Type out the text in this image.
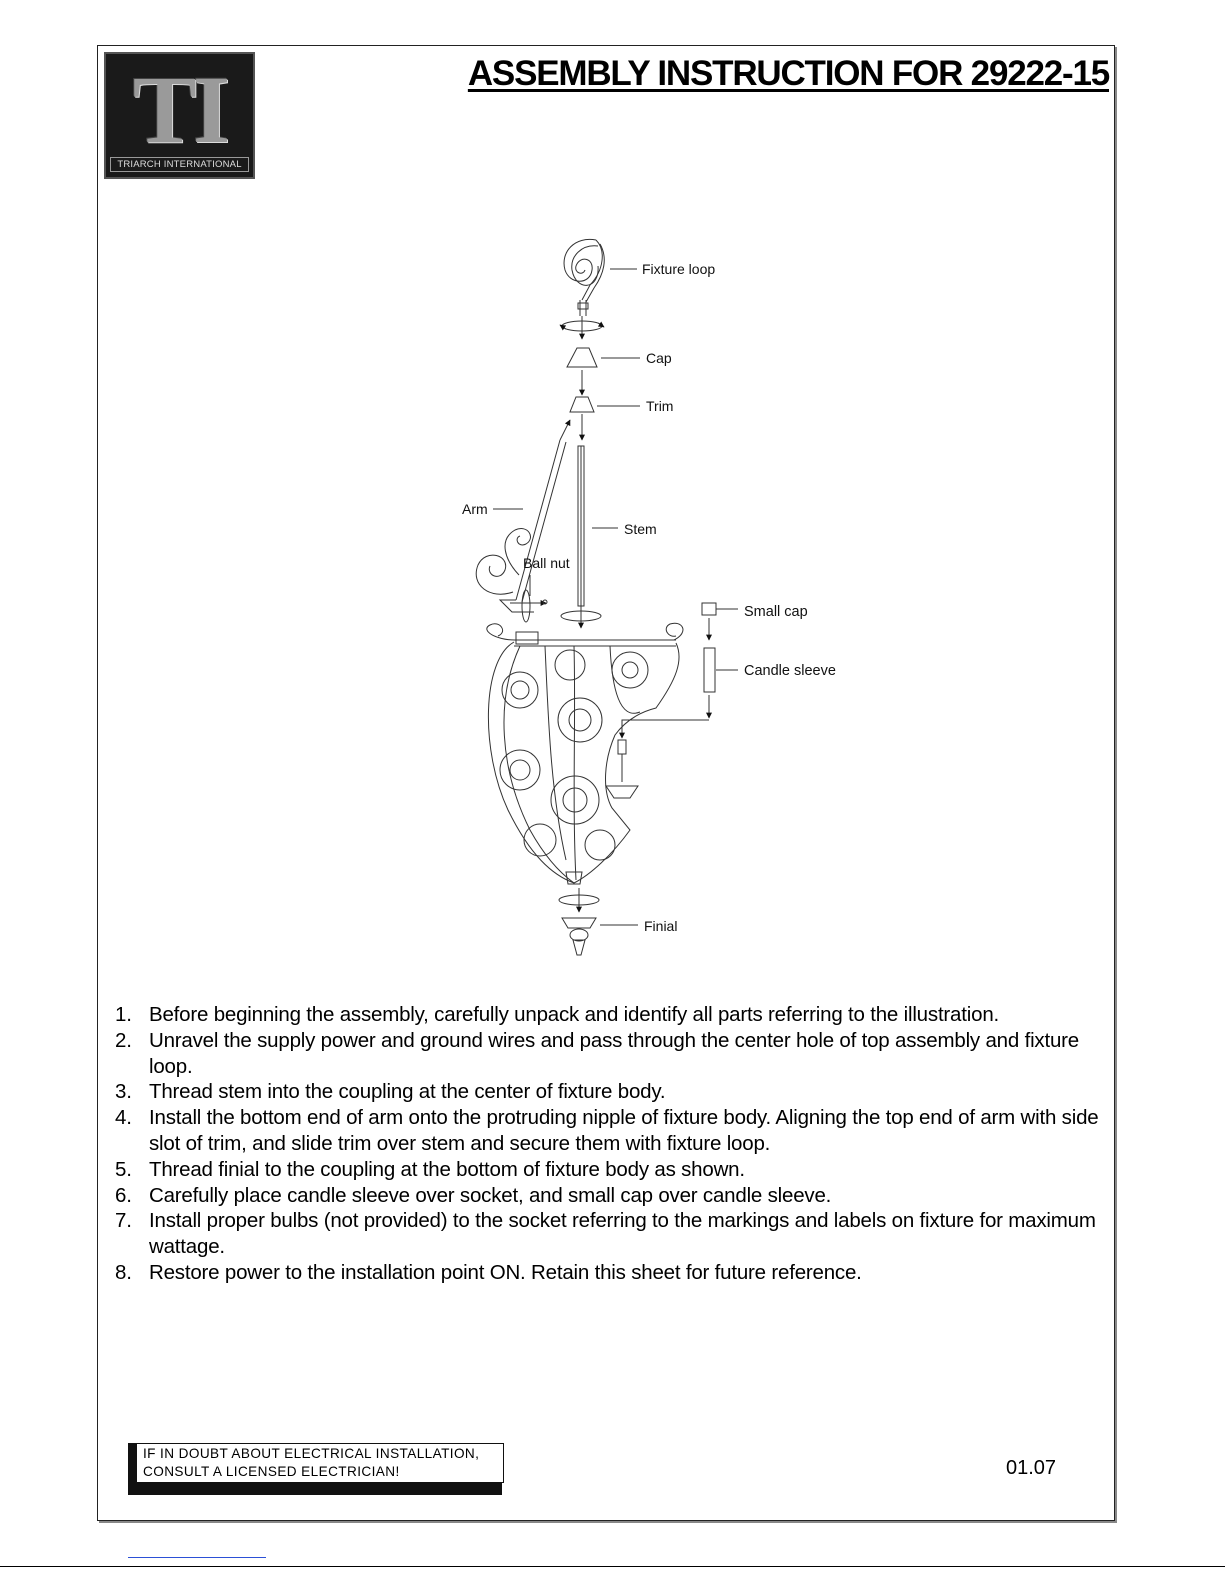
TI
TRIARCH INTERNATIONAL
ASSEMBLY INSTRUCTION FOR 29222-15
Fixture loop
Cap
Trim
Arm
Stem
Ball nut
Small cap
Candle sleeve
Finial
1. Before beginning the assembly, carefully unpack and identify all parts referring to the illustration.
2. Unravel the supply power and ground wires and pass through the center hole of top assembly and fixture loop.
3. Thread stem into the coupling at the center of fixture body.
4. Install the bottom end of arm onto the protruding nipple of fixture body. Aligning the top end of arm with side slot of trim, and slide trim over stem and secure them with fixture loop.
5. Thread finial to the coupling at the bottom of fixture body as shown.
6. Carefully place candle sleeve over socket, and small cap over candle sleeve.
7. Install proper bulbs (not provided) to the socket referring to the markings and labels on fixture for maximum wattage.
8. Restore power to the installation point ON. Retain this sheet for future reference.
IF IN DOUBT ABOUT ELECTRICAL INSTALLATION,
CONSULT A LICENSED ELECTRICIAN!	01.07
